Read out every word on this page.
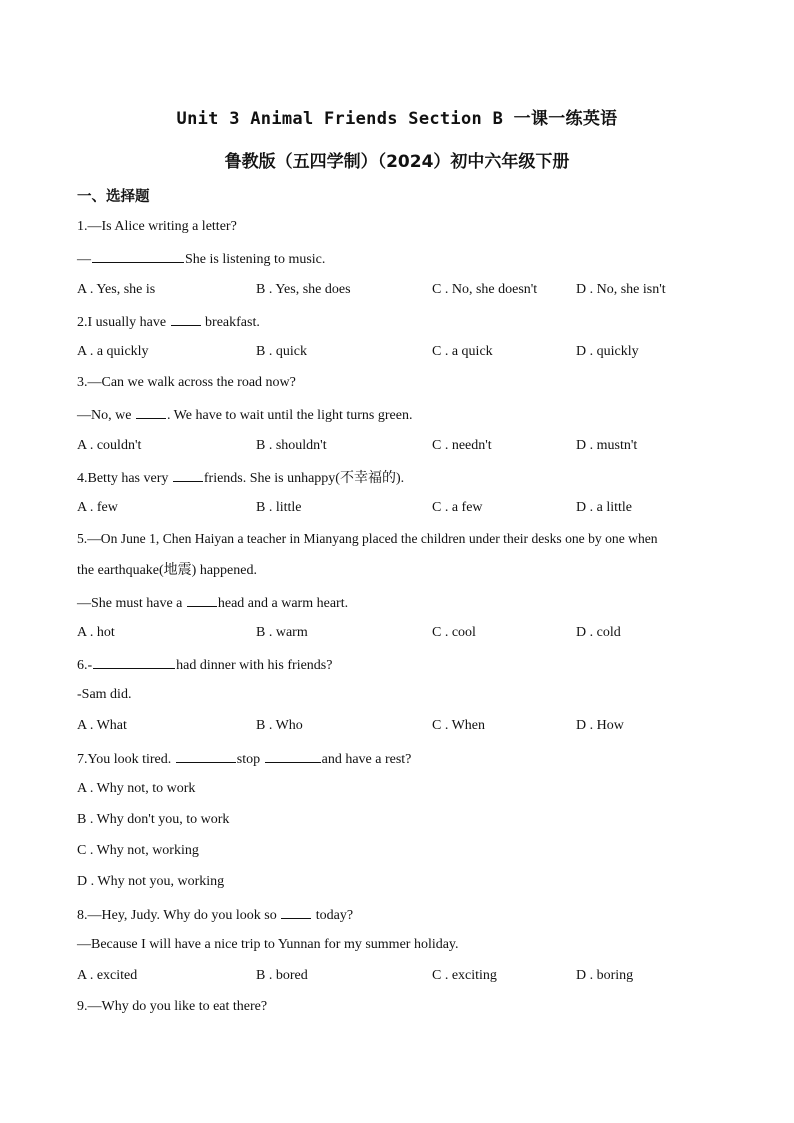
Unit 3 Animal Friends Section B 一课一练英语
鲁教版（五四学制）（2024）初中六年级下册
一、选择题
1.—Is Alice writing a letter?
—	She is listening to music.
A . Yes, she is	B . Yes, she does	C . No, she doesn't	D . No, she isn't
2.I usually have	breakfast.
A . a quickly	B . quick	C . a quick	D . quickly
3.—Can we walk across the road now?
—No, we	. We have to wait until the light turns green.
A . couldn't	B . shouldn't	C . needn't	D . mustn't
4.Betty has very	friends. She is unhappy(不幸福的).
A . few	B . little	C . a few	D . a little
5.—On June 1, Chen Haiyan a teacher in Mianyang placed the children under their desks one by one when
the earthquake(地震) happened.
—She must have a	head and a warm heart.
A . hot	B . warm	C . cool	D . cold
6.-	had dinner with his friends?
-Sam did.
A . What	B . Who	C . When	D . How
7.You look tired.	stop	and have a rest?
A . Why not, to work
B . Why don't you, to work
C . Why not, working
D . Why not you, working
8.—Hey, Judy. Why do you look so	today?
—Because I will have a nice trip to Yunnan for my summer holiday.
A . excited	B . bored	C . exciting	D . boring
9.—Why do you like to eat there?
